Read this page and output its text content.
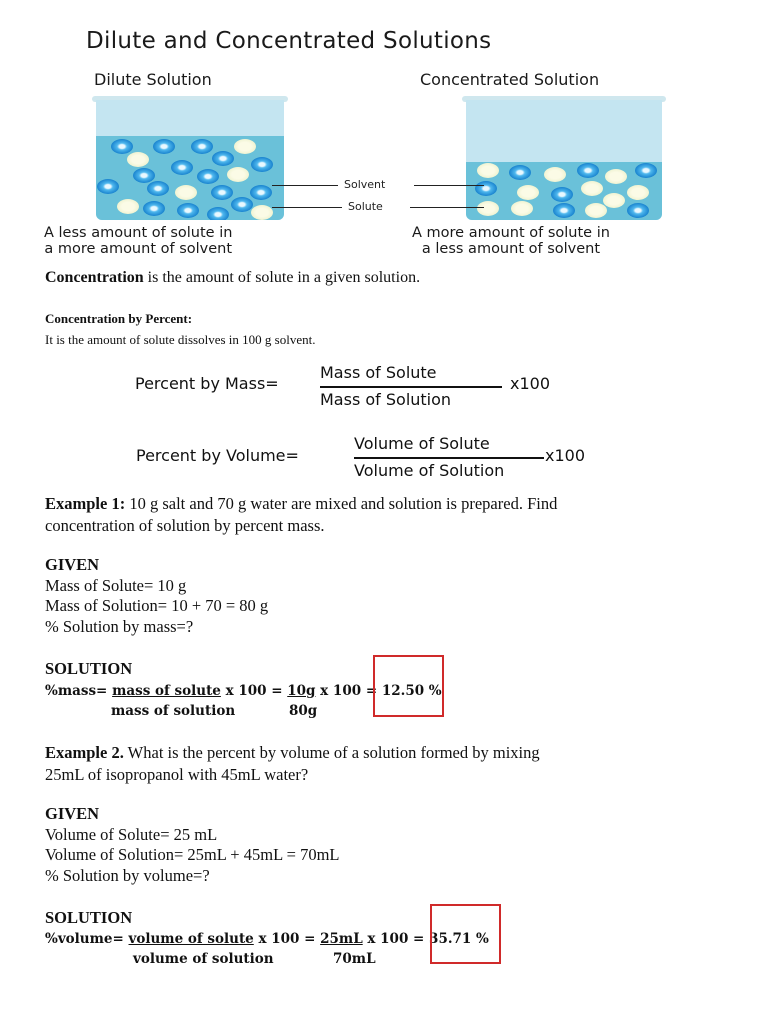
Dilute and Concentrated Solutions
Dilute Solution	Concentrated Solution
Solvent
Solute
A less amount of solute in
a more amount of solvent
A more amount of solute in
a less amount of solvent
Concentration is the amount of solute in a given solution.
Concentration by Percent:
It is the amount of solute dissolves in 100 g solvent.
Percent by Mass=
Mass of Solute
Mass of Solution
x100
Percent by Volume=
Volume of Solute
Volume of Solution
x100
Example 1: 10 g salt and 70 g water are mixed and solution is prepared. Find
concentration of solution by percent mass.
GIVEN
Mass of Solute= 10 g
Mass of Solution= 10 + 70 = 80 g
% Solution by mass=?
SOLUTION
%mass= mass of solute x 100 = 10g x 100 = 12.50 %
mass of solution	80g
Example 2. What is the percent by volume of a solution formed by mixing
25mL of isopropanol with 45mL water?
GIVEN
Volume of Solute= 25 mL
Volume of Solution= 25mL + 45mL = 70mL
% Solution by volume=?
SOLUTION
%volume= volume of solute x 100 = 25mL x 100 = 35.71 %
volume of solution	70mL
